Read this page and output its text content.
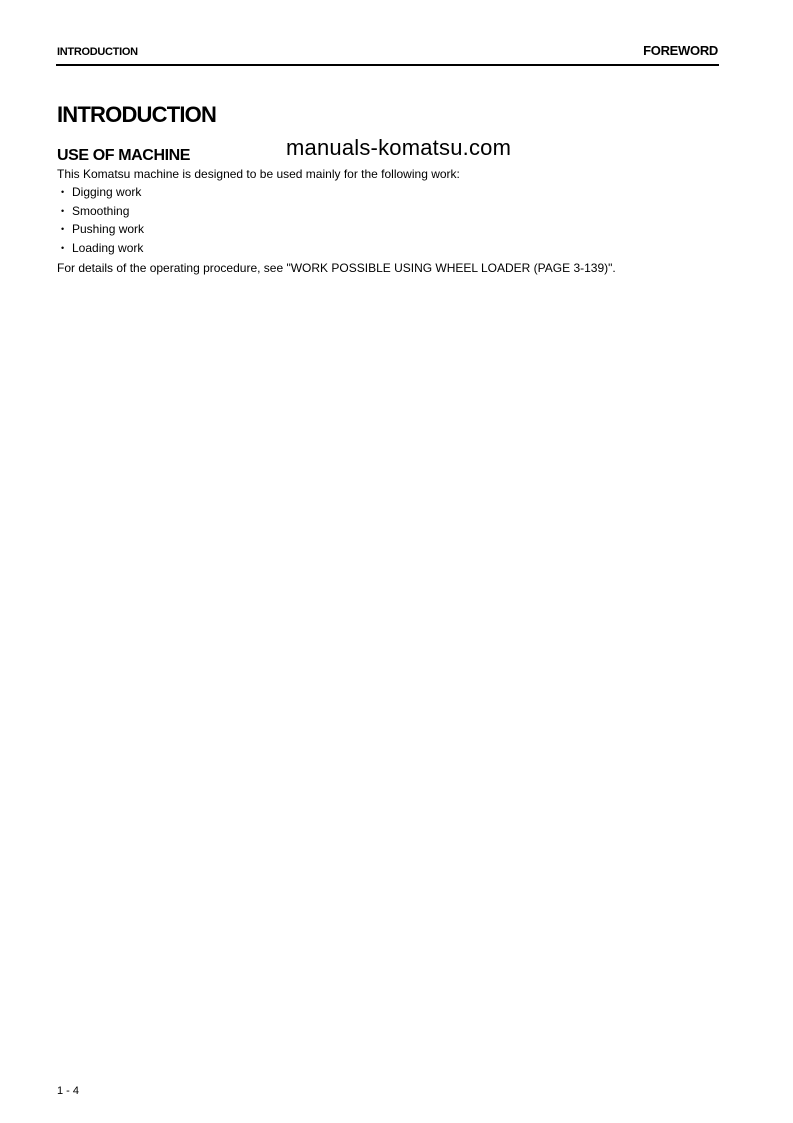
INTRODUCTION	FOREWORD
INTRODUCTION
manuals-komatsu.com
USE OF MACHINE

This Komatsu machine is designed to be used mainly for the following work:

• Digging work
• Smoothing
• Pushing work
• Loading work

For details of the operating procedure, see "WORK POSSIBLE USING WHEEL LOADER (PAGE 3-139)".

1 - 4
